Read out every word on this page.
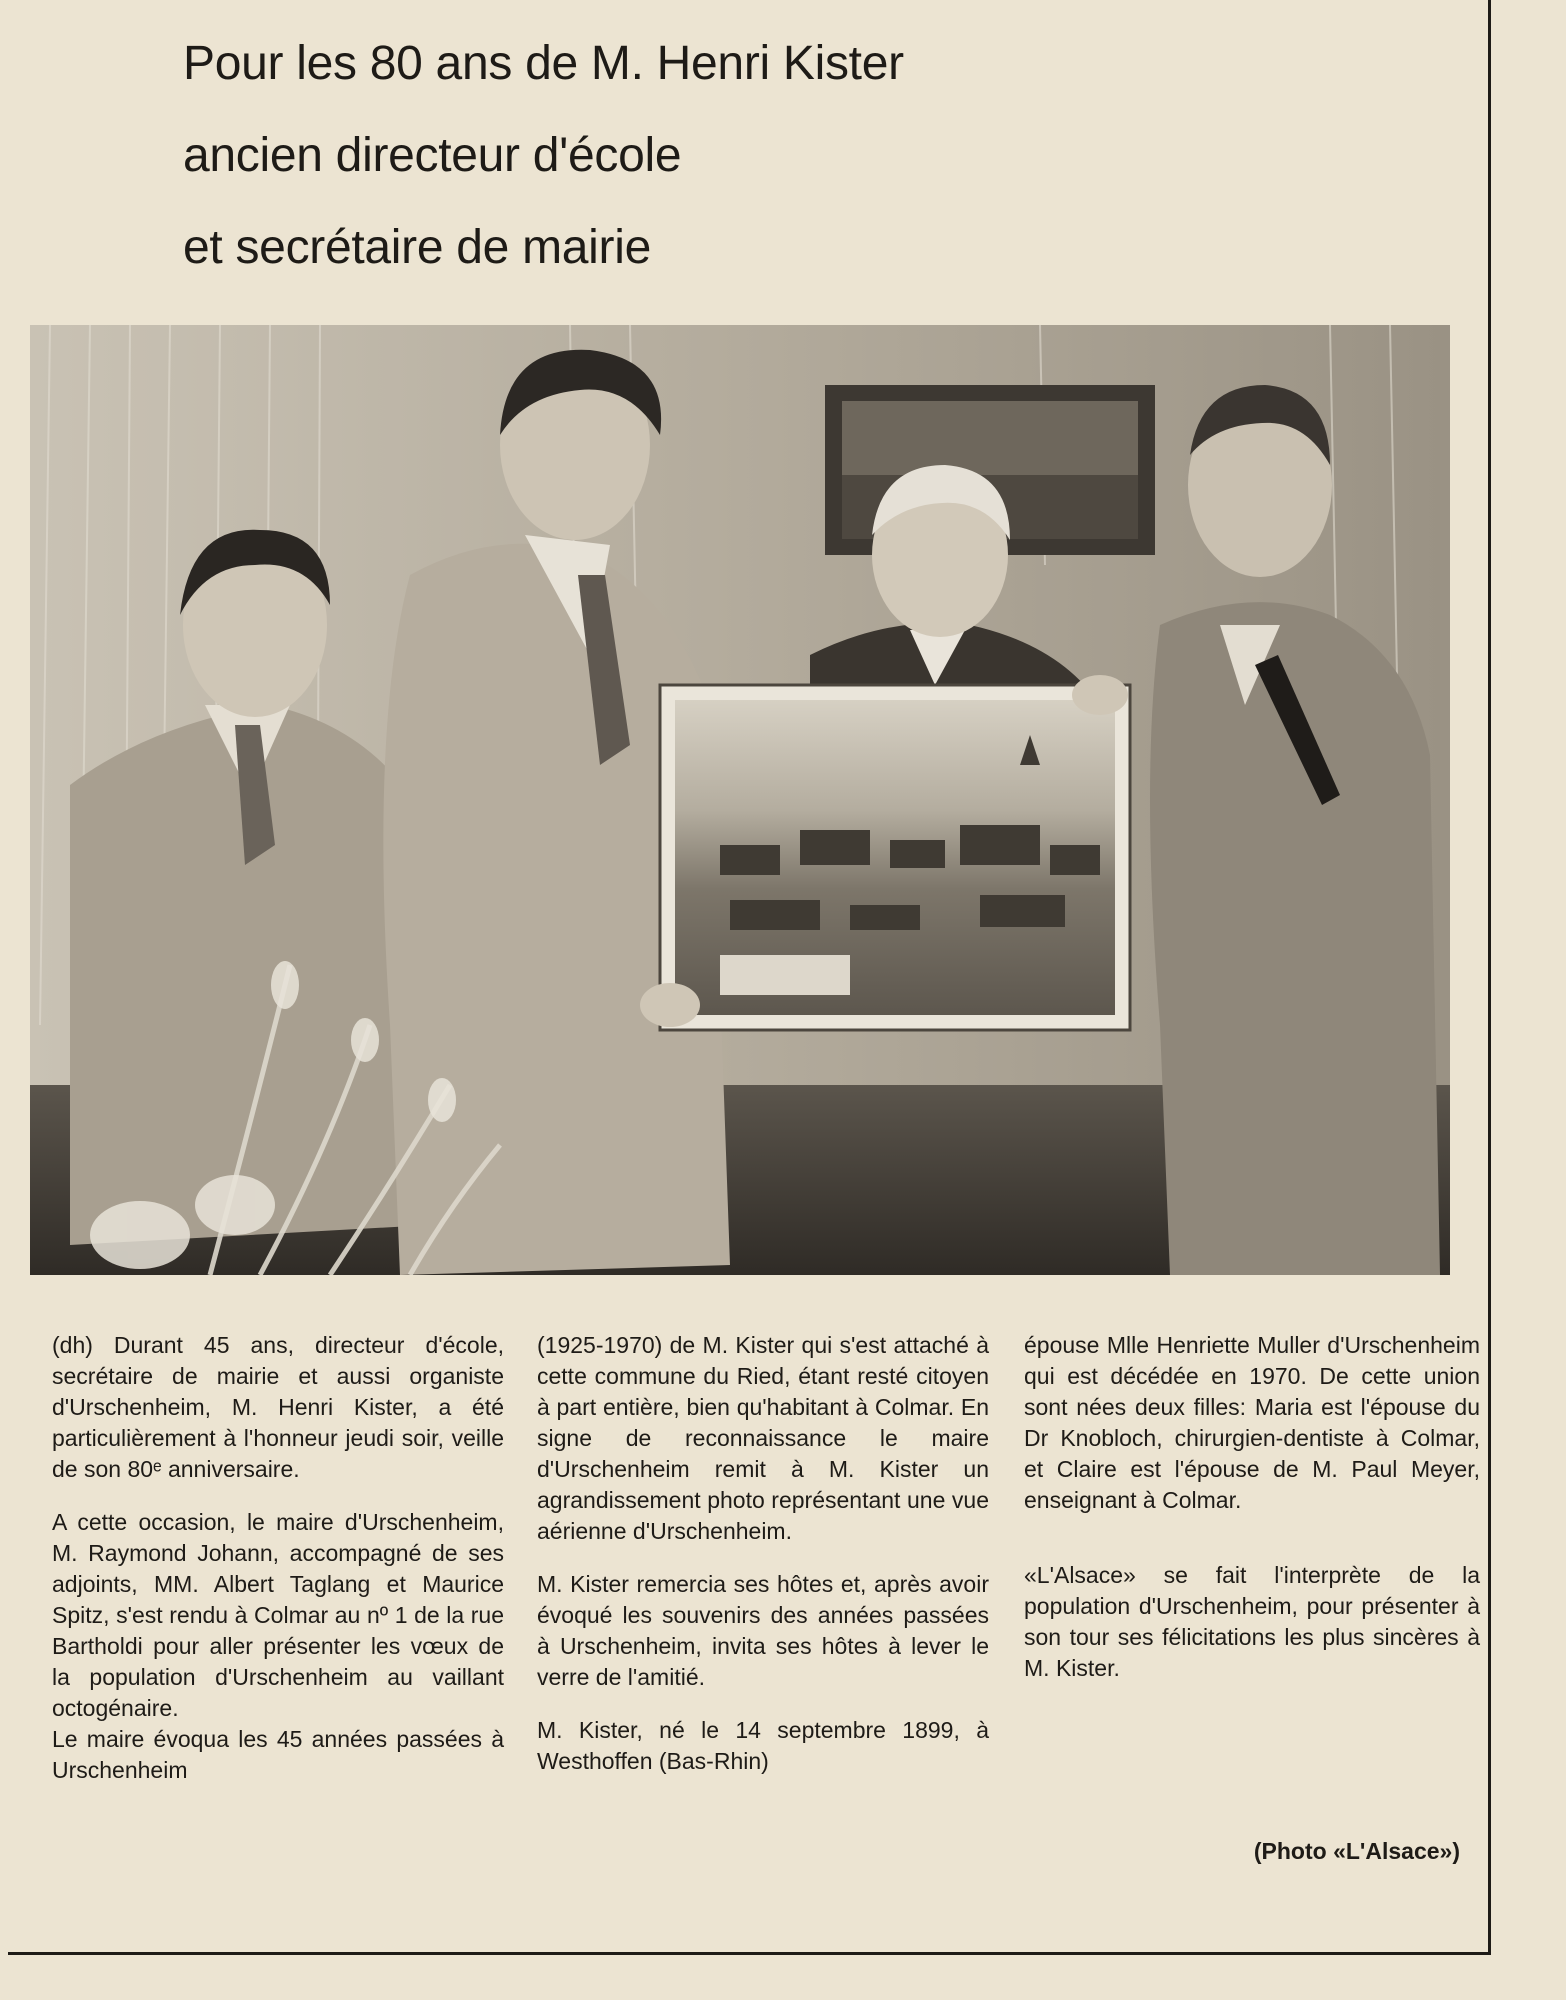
Pour les 80 ans de M. Henri Kister
ancien directeur d'école
et secrétaire de mairie

(dh) Durant 45 ans, directeur d'école, secrétaire de mairie et aussi organiste d'Urschenheim, M. Henri Kister, a été particulièrement à l'honneur jeudi soir, veille de son 80ᵉ anniversaire.

A cette occasion, le maire d'Urschenheim, M. Raymond Johann, accompagné de ses adjoints, MM. Albert Taglang et Maurice Spitz, s'est rendu à Colmar au nº 1 de la rue Bartholdi pour aller présenter les vœux de la population d'Urschenheim au vaillant octogénaire.

Le maire évoqua les 45 années passées à Urschenheim

(1925-1970) de M. Kister qui s'est attaché à cette commune du Ried, étant resté citoyen à part entière, bien qu'habitant à Colmar. En signe de reconnaissance le maire d'Urschenheim remit à M. Kister un agrandissement photo représentant une vue aérienne d'Urschenheim.

M. Kister remercia ses hôtes et, après avoir évoqué les souvenirs des années passées à Urschenheim, invita ses hôtes à lever le verre de l'amitié.

M. Kister, né le 14 septembre 1899, à Westhoffen (Bas-Rhin)

épouse Mlle Henriette Muller d'Urschenheim qui est décédée en 1970. De cette union sont nées deux filles: Maria est l'épouse du Dr Knobloch, chirurgien-dentiste à Colmar, et Claire est l'épouse de M. Paul Meyer, enseignant à Colmar.

«L'Alsace» se fait l'interprète de la population d'Urschenheim, pour présenter à son tour ses félicitations les plus sincères à M. Kister.

(Photo «L'Alsace»)
